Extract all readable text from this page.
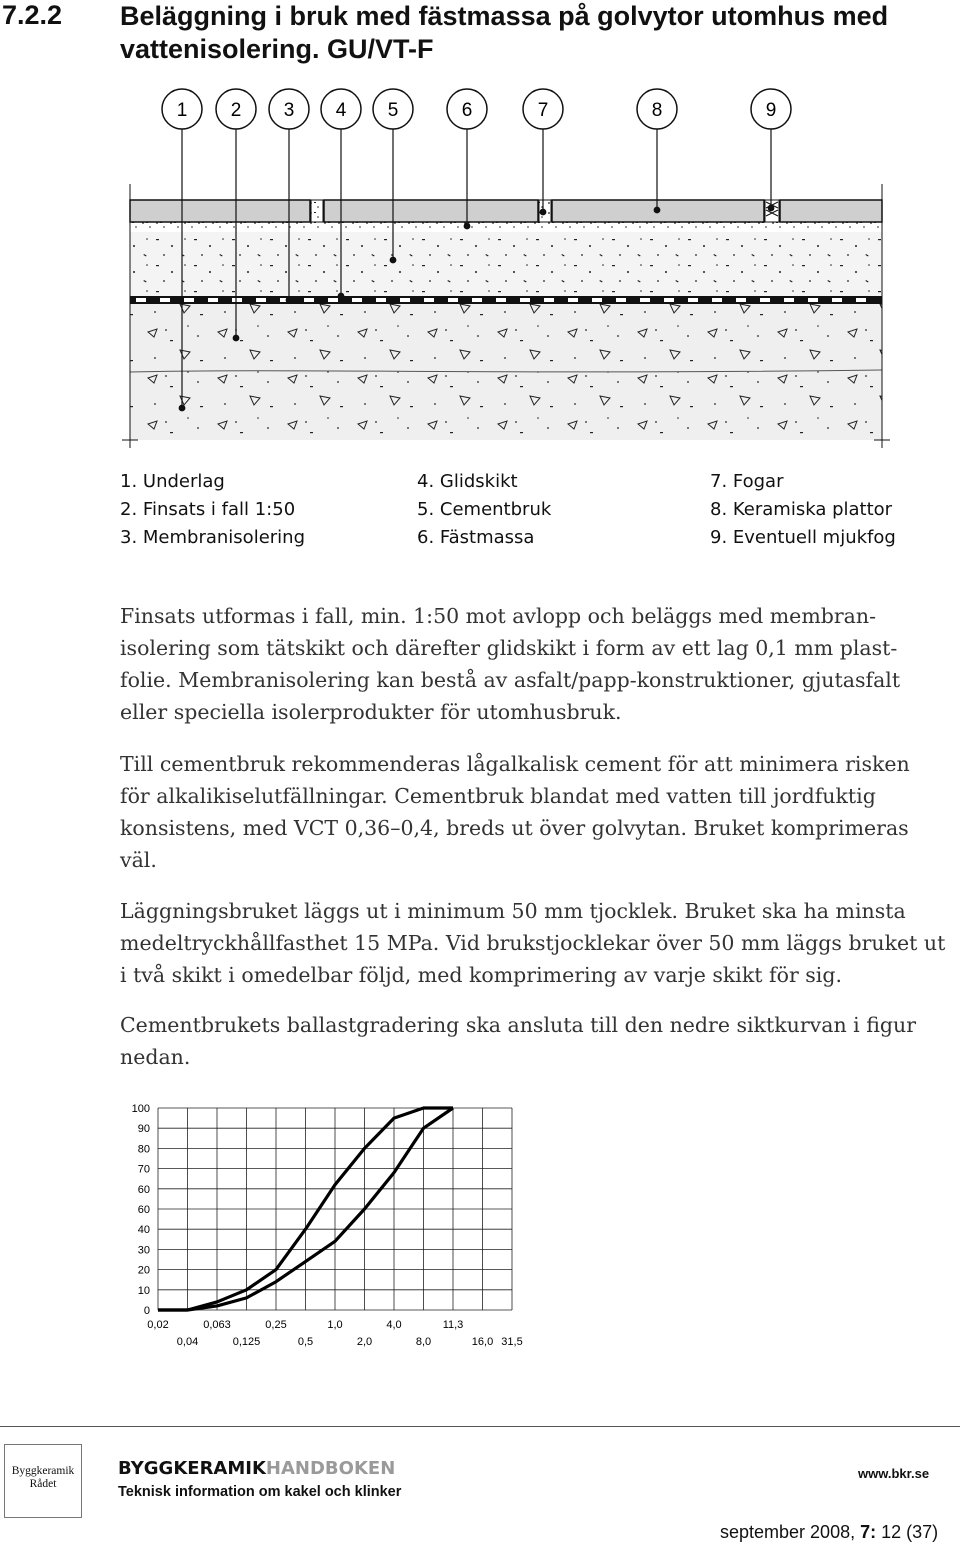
7.2.2 Beläggning i bruk med fästmassa på golvytor utomhus med
vattenisolering. GU/VT-F
1 2 3 4 5	6	7	8	9
1. Underlag
2. Finsats i fall 1:50
3. Membranisolering
4. Glidskikt
5. Cementbruk
6. Fästmassa
7. Fogar
8. Keramiska plattor
9. Eventuell mjukfog
Finsats utformas i fall, min. 1:50 mot avlopp och beläggs med membran-
isolering som tätskikt och därefter glidskikt i form av ett lag 0,1 mm plast-
folie. Membranisolering kan bestå av asfalt/papp-konstruktioner, gjutasfalt
eller speciella isolerprodukter för utomhusbruk.
Till cementbruk rekommenderas lågalkalisk cement för att minimera risken
för alkalikiselutfällningar. Cementbruk blandat med vatten till jordfuktig
konsistens, med VCT 0,36–0,4, breds ut över golvytan. Bruket komprimeras
väl.
Läggningsbruket läggs ut i minimum 50 mm tjocklek. Bruket ska ha minsta
medeltryckhållfasthet 15 MPa. Vid brukstjocklekar över 50 mm läggs bruket ut
i två skikt i omedelbar följd, med komprimering av varje skikt för sig.
Cementbrukets ballastgradering ska ansluta till den nedre siktkurvan i figur
nedan.
0
10
20
30
40
60
60
70
80
90
100
0,02
0,04
0,063
0,125
0,25
0,5
1,0
2,0
4,0
8,0
11,3
16,0 31,5
Byggkeramik
Rådet
BYGGKERAMIKHANDBOKEN
Teknisk information om kakel och klinker
www.bkr.se
september 2008, 7: 12 (37)
